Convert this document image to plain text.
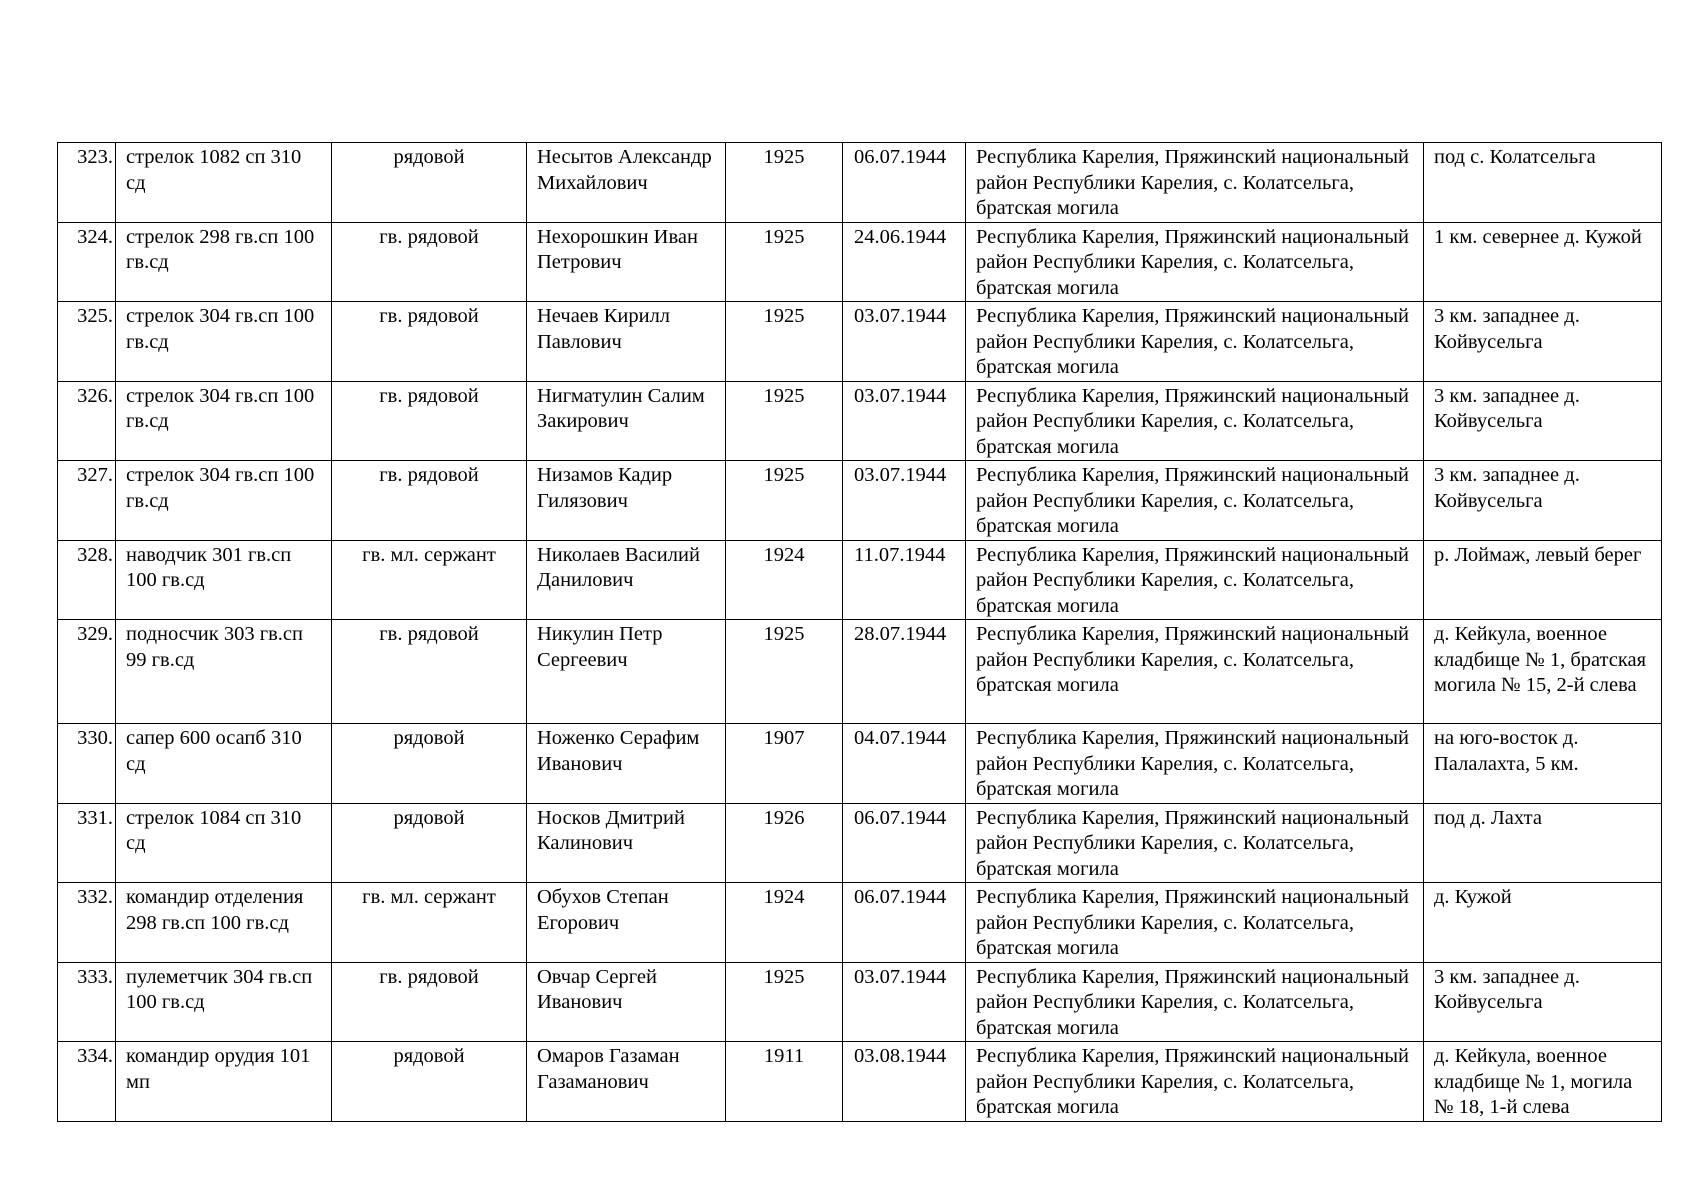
323.	стрелок 1082 сп 310 сд	рядовой	Несытов Александр Михайлович	1925	06.07.1944	Республика Карелия, Пряжинский национальный район Республики Карелия, с. Колатсельга, братская могила	под с. Колатсельга
324.	стрелок 298 гв.сп 100 гв.сд	гв. рядовой	Нехорошкин Иван Петрович	1925	24.06.1944	Республика Карелия, Пряжинский национальный район Республики Карелия, с. Колатсельга, братская могила	1 км. севернее д. Кужой
325.	стрелок 304 гв.сп 100 гв.сд	гв. рядовой	Нечаев Кирилл Павлович	1925	03.07.1944	Республика Карелия, Пряжинский национальный район Республики Карелия, с. Колатсельга, братская могила	3 км. западнее д. Койвусельга
326.	стрелок 304 гв.сп 100 гв.сд	гв. рядовой	Нигматулин Салим Закирович	1925	03.07.1944	Республика Карелия, Пряжинский национальный район Республики Карелия, с. Колатсельга, братская могила	3 км. западнее д. Койвусельга
327.	стрелок 304 гв.сп 100 гв.сд	гв. рядовой	Низамов Кадир Гилязович	1925	03.07.1944	Республика Карелия, Пряжинский национальный район Республики Карелия, с. Колатсельга, братская могила	3 км. западнее д. Койвусельга
328.	наводчик 301 гв.сп 100 гв.сд	гв. мл. сержант	Николаев Василий Данилович	1924	11.07.1944	Республика Карелия, Пряжинский национальный район Республики Карелия, с. Колатсельга, братская могила	р. Лоймаж, левый берег
329.	подносчик 303 гв.сп 99 гв.сд	гв. рядовой	Никулин Петр Сергеевич	1925	28.07.1944	Республика Карелия, Пряжинский национальный район Республики Карелия, с. Колатсельга, братская могила	д. Кейкула, военное кладбище № 1, братская могила № 15, 2-й слева
330.	сапер 600 осапб 310 сд	рядовой	Ноженко Серафим Иванович	1907	04.07.1944	Республика Карелия, Пряжинский национальный район Республики Карелия, с. Колатсельга, братская могила	на юго-восток д. Палалахта, 5 км.
331.	стрелок 1084 сп 310 сд	рядовой	Носков Дмитрий Калинович	1926	06.07.1944	Республика Карелия, Пряжинский национальный район Республики Карелия, с. Колатсельга, братская могила	под д. Лахта
332.	командир отделения 298 гв.сп 100 гв.сд	гв. мл. сержант	Обухов Степан Егорович	1924	06.07.1944	Республика Карелия, Пряжинский национальный район Республики Карелия, с. Колатсельга, братская могила	д. Кужой
333.	пулеметчик 304 гв.сп 100 гв.сд	гв. рядовой	Овчар Сергей Иванович	1925	03.07.1944	Республика Карелия, Пряжинский национальный район Республики Карелия, с. Колатсельга, братская могила	3 км. западнее д. Койвусельга
334.	командир орудия 101 мп	рядовой	Омаров Газаман Газаманович	1911	03.08.1944	Республика Карелия, Пряжинский национальный район Республики Карелия, с. Колатсельга, братская могила	д. Кейкула, военное кладбище № 1, могила № 18, 1-й слева
